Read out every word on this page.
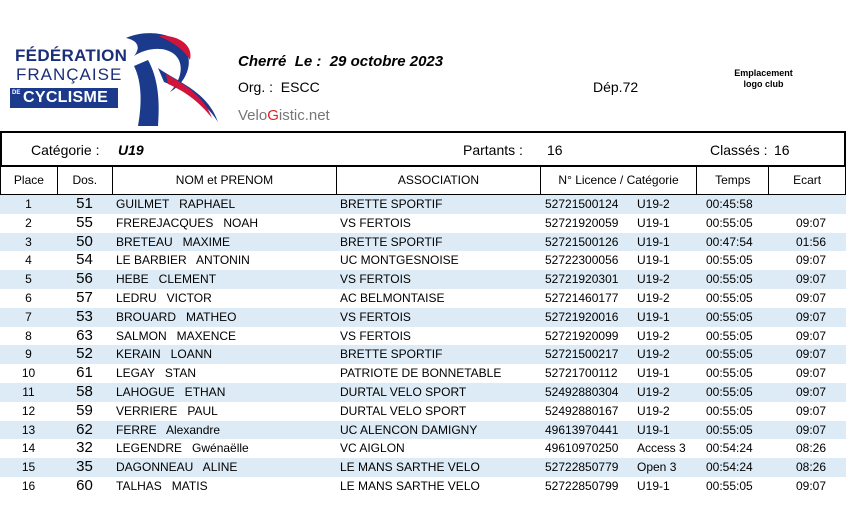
FÉDÉRATION
FRANÇAISE
DE CYCLISME
Cherré Le : 29 octobre 2023
Org. : ESCC	Dép.72
VeloGistic.net
Emplacement
logo club
Catégorie : U19	Partants : 16	Classés : 16
Place	Dos.	NOM et PRENOM	ASSOCIATION	N° Licence / Catégorie	Temps	Ecart
1	51	GUILMET   RAPHAEL	BRETTE SPORTIF	52721500124 U19-2	00:45:58
2	55	FREREJACQUES   NOAH	VS FERTOIS	52721920059 U19-1	00:55:05	09:07
3	50	BRETEAU   MAXIME	BRETTE SPORTIF	52721500126 U19-1	00:47:54	01:56
4	54	LE BARBIER   ANTONIN	UC MONTGESNOISE	52722300056 U19-1	00:55:05	09:07
5	56	HEBE   CLEMENT	VS FERTOIS	52721920301 U19-2	00:55:05	09:07
6	57	LEDRU   VICTOR	AC BELMONTAISE	52721460177 U19-2	00:55:05	09:07
7	53	BROUARD   MATHEO	VS FERTOIS	52721920016 U19-1	00:55:05	09:07
8	63	SALMON   MAXENCE	VS FERTOIS	52721920099 U19-2	00:55:05	09:07
9	52	KERAIN   LOANN	BRETTE SPORTIF	52721500217 U19-2	00:55:05	09:07
10	61	LEGAY   STAN	PATRIOTE DE BONNETABLE	52721700112 U19-1	00:55:05	09:07
11	58	LAHOGUE   ETHAN	DURTAL VELO SPORT	52492880304 U19-2	00:55:05	09:07
12	59	VERRIERE   PAUL	DURTAL VELO SPORT	52492880167 U19-2	00:55:05	09:07
13	62	FERRE   Alexandre	UC ALENCON DAMIGNY	49613970441 U19-1	00:55:05	09:07
14	32	LEGENDRE   Gwénaëlle	VC AIGLON	49610970250 Access 3	00:54:24	08:26
15	35	DAGONNEAU   ALINE	LE MANS SARTHE VELO	52722850779 Open 3	00:54:24	08:26
16	60	TALHAS   MATIS	LE MANS SARTHE VELO	52722850799 U19-1	00:55:05	09:07
